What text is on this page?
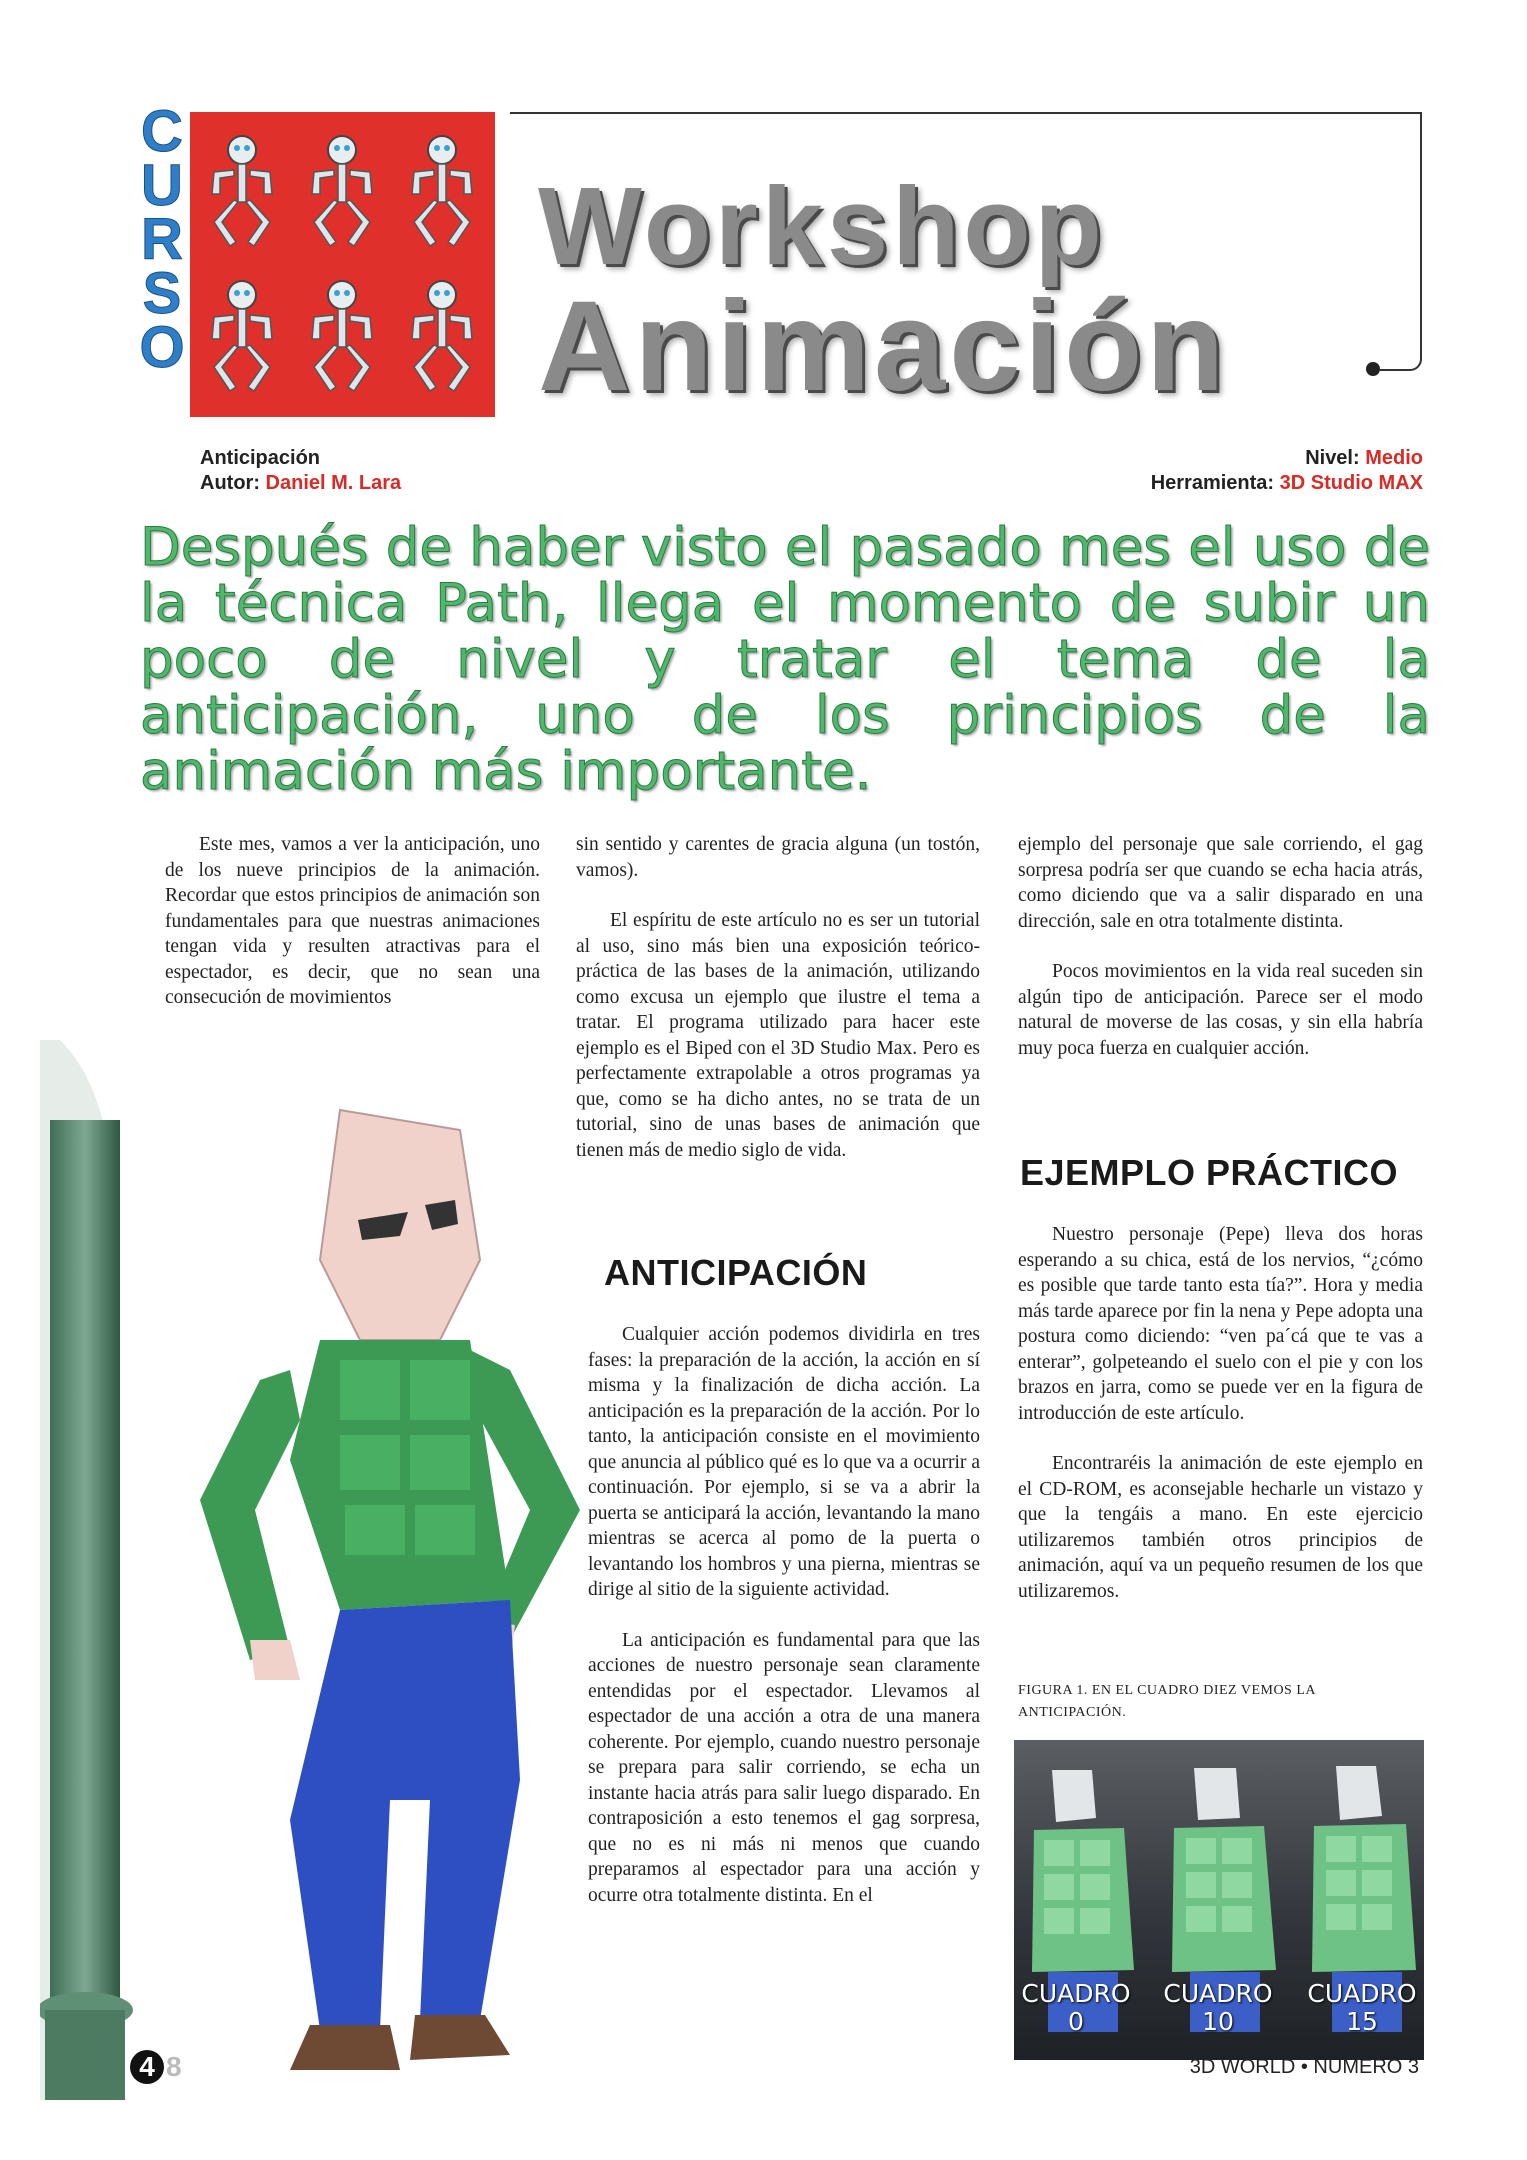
C
U
R
S
O
Workshop
Animación
Anticipación
Autor: Daniel M. Lara
Nivel: Medio
Herramienta: 3D Studio MAX
Después de haber visto el pasado mes el uso de la técnica Path, llega el momento de subir un poco de nivel y tratar el tema de la anticipación, uno de los principios de la animación más importante.

Este mes, vamos a ver la anticipación, uno de los nueve principios de la animación. Recordar que estos principios de animación son fundamentales para que nuestras animaciones tengan vida y resulten atractivas para el espectador, es decir, que no sean una consecución de movimientos

sin sentido y carentes de gracia alguna (un tostón, vamos).

El espíritu de este artículo no es ser un tutorial al uso, sino más bien una exposición teórico-práctica de las bases de la animación, utilizando como excusa un ejemplo que ilustre el tema a tratar. El programa utilizado para hacer este ejemplo es el Biped con el 3D Studio Max. Pero es perfectamente extrapolable a otros programas ya que, como se ha dicho antes, no se trata de un tutorial, sino de unas bases de animación que tienen más de medio siglo de vida.

ANTICIPACIÓN

Cualquier acción podemos dividirla en tres fases: la preparación de la acción, la acción en sí misma y la finalización de dicha acción. La anticipación es la preparación de la acción. Por lo tanto, la anticipación consiste en el movimiento que anuncia al público qué es lo que va a ocurrir a continuación. Por ejemplo, si se va a abrir la puerta se anticipará la acción, levantando la mano mientras se acerca al pomo de la puerta o levantando los hombros y una pierna, mientras se dirige al sitio de la siguiente actividad.

La anticipación es fundamental para que las acciones de nuestro personaje sean claramente entendidas por el espectador. Llevamos al espectador de una acción a otra de una manera coherente. Por ejemplo, cuando nuestro personaje se prepara para salir corriendo, se echa un instante hacia atrás para salir luego disparado. En contraposición a esto tenemos el gag sorpresa, que no es ni más ni menos que cuando preparamos al espectador para una acción y ocurre otra totalmente distinta. En el

ejemplo del personaje que sale corriendo, el gag sorpresa podría ser que cuando se echa hacia atrás, como diciendo que va a salir disparado en una dirección, sale en otra totalmente distinta.

Pocos movimientos en la vida real suceden sin algún tipo de anticipación. Parece ser el modo natural de moverse de las cosas, y sin ella habría muy poca fuerza en cualquier acción.

EJEMPLO PRÁCTICO

Nuestro personaje (Pepe) lleva dos horas esperando a su chica, está de los nervios, “¿cómo es posible que tarde tanto esta tía?”. Hora y media más tarde aparece por fin la nena y Pepe adopta una postura como diciendo: “ven pa´cá que te vas a enterar”, golpeteando el suelo con el pie y con los brazos en jarra, como se puede ver en la figura de introducción de este artículo.

Encontraréis la animación de este ejemplo en el CD-ROM, es aconsejable hecharle un vistazo y que la tengáis a mano. En este ejercicio utilizaremos también otros principios de animación, aquí va un pequeño resumen de los que utilizaremos.

FIGURA 1. EN EL CUADRO DIEZ VEMOS LA ANTICIPACIÓN.
CUADRO
0
CUADRO
10
CUADRO
15
4 8	3D WORLD • NÚMERO 3
